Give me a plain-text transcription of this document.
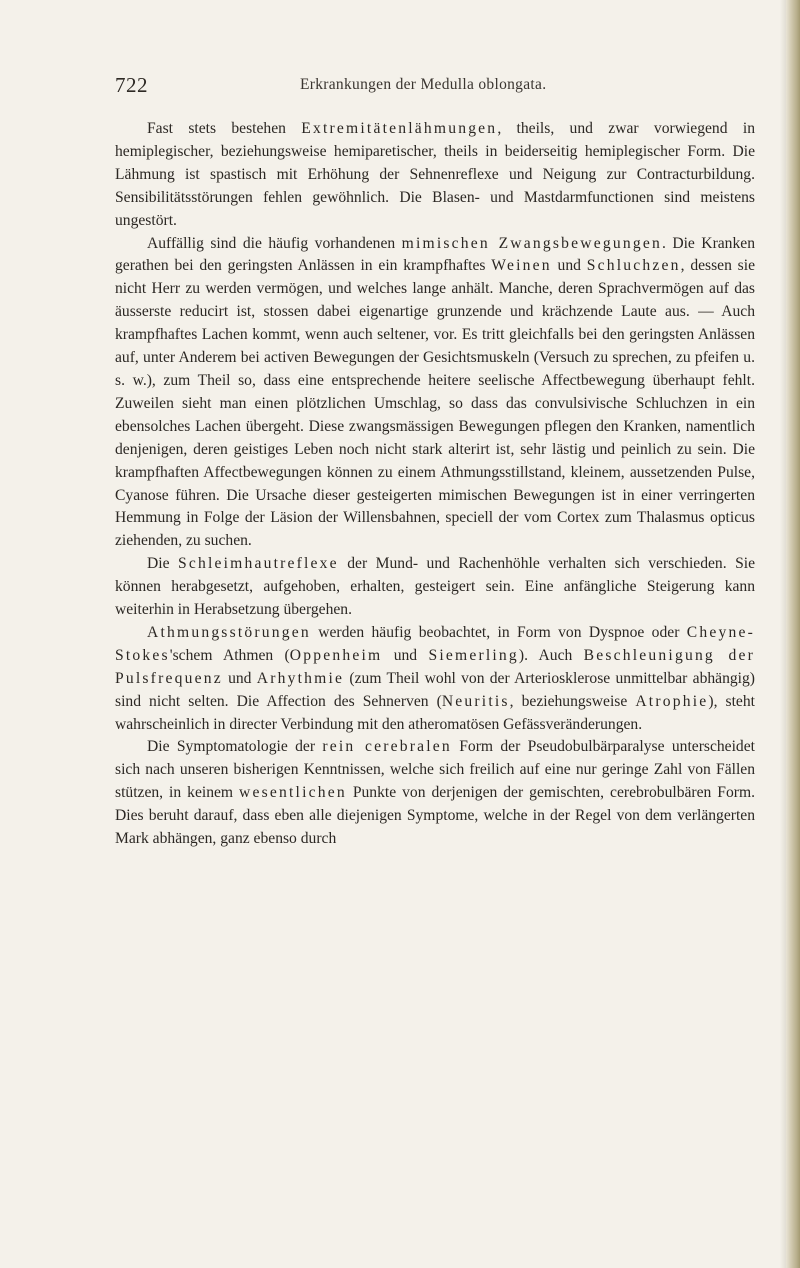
722	Erkrankungen der Medulla oblongata.

Fast stets bestehen Extremitätenlähmungen, theils, und zwar vorwiegend in hemiplegischer, beziehungsweise hemiparetischer, theils in beiderseitig hemiplegischer Form. Die Lähmung ist spastisch mit Erhöhung der Sehnenreflexe und Neigung zur Contracturbildung. Sensibilitätsstörungen fehlen gewöhnlich. Die Blasen- und Mastdarmfunctionen sind meistens ungestört.

Auffällig sind die häufig vorhandenen mimischen Zwangsbewegungen. Die Kranken gerathen bei den geringsten Anlässen in ein krampfhaftes Weinen und Schluchzen, dessen sie nicht Herr zu werden vermögen, und welches lange anhält. Manche, deren Sprachvermögen auf das äusserste reducirt ist, stossen dabei eigenartige grunzende und krächzende Laute aus. — Auch krampfhaftes Lachen kommt, wenn auch seltener, vor. Es tritt gleichfalls bei den geringsten Anlässen auf, unter Anderem bei activen Bewegungen der Gesichtsmuskeln (Versuch zu sprechen, zu pfeifen u. s. w.), zum Theil so, dass eine entsprechende heitere seelische Affectbewegung überhaupt fehlt. Zuweilen sieht man einen plötzlichen Umschlag, so dass das convulsivische Schluchzen in ein ebensolches Lachen übergeht. Diese zwangsmässigen Bewegungen pflegen den Kranken, namentlich denjenigen, deren geistiges Leben noch nicht stark alterirt ist, sehr lästig und peinlich zu sein. Die krampfhaften Affectbewegungen können zu einem Athmungsstillstand, kleinem, aussetzenden Pulse, Cyanose führen. Die Ursache dieser gesteigerten mimischen Bewegungen ist in einer verringerten Hemmung in Folge der Läsion der Willensbahnen, speciell der vom Cortex zum Thalasmus opticus ziehenden, zu suchen.

Die Schleimhautreflexe der Mund- und Rachenhöhle verhalten sich verschieden. Sie können herabgesetzt, aufgehoben, erhalten, gesteigert sein. Eine anfängliche Steigerung kann weiterhin in Herabsetzung übergehen.

Athmungsstörungen werden häufig beobachtet, in Form von Dyspnoe oder Cheyne-Stokes'schem Athmen (Oppenheim und Siemerling). Auch Beschleunigung der Pulsfrequenz und Arhythmie (zum Theil wohl von der Arteriosklerose unmittelbar abhängig) sind nicht selten. Die Affection des Sehnerven (Neuritis, beziehungsweise Atrophie), steht wahrscheinlich in directer Verbindung mit den atheromatösen Gefässveränderungen.

Die Symptomatologie der rein cerebralen Form der Pseudobulbärparalyse unterscheidet sich nach unseren bisherigen Kenntnissen, welche sich freilich auf eine nur geringe Zahl von Fällen stützen, in keinem wesentlichen Punkte von derjenigen der gemischten, cerebrobulbären Form. Dies beruht darauf, dass eben alle diejenigen Symptome, welche in der Regel von dem verlängerten Mark abhängen, ganz ebenso durch
